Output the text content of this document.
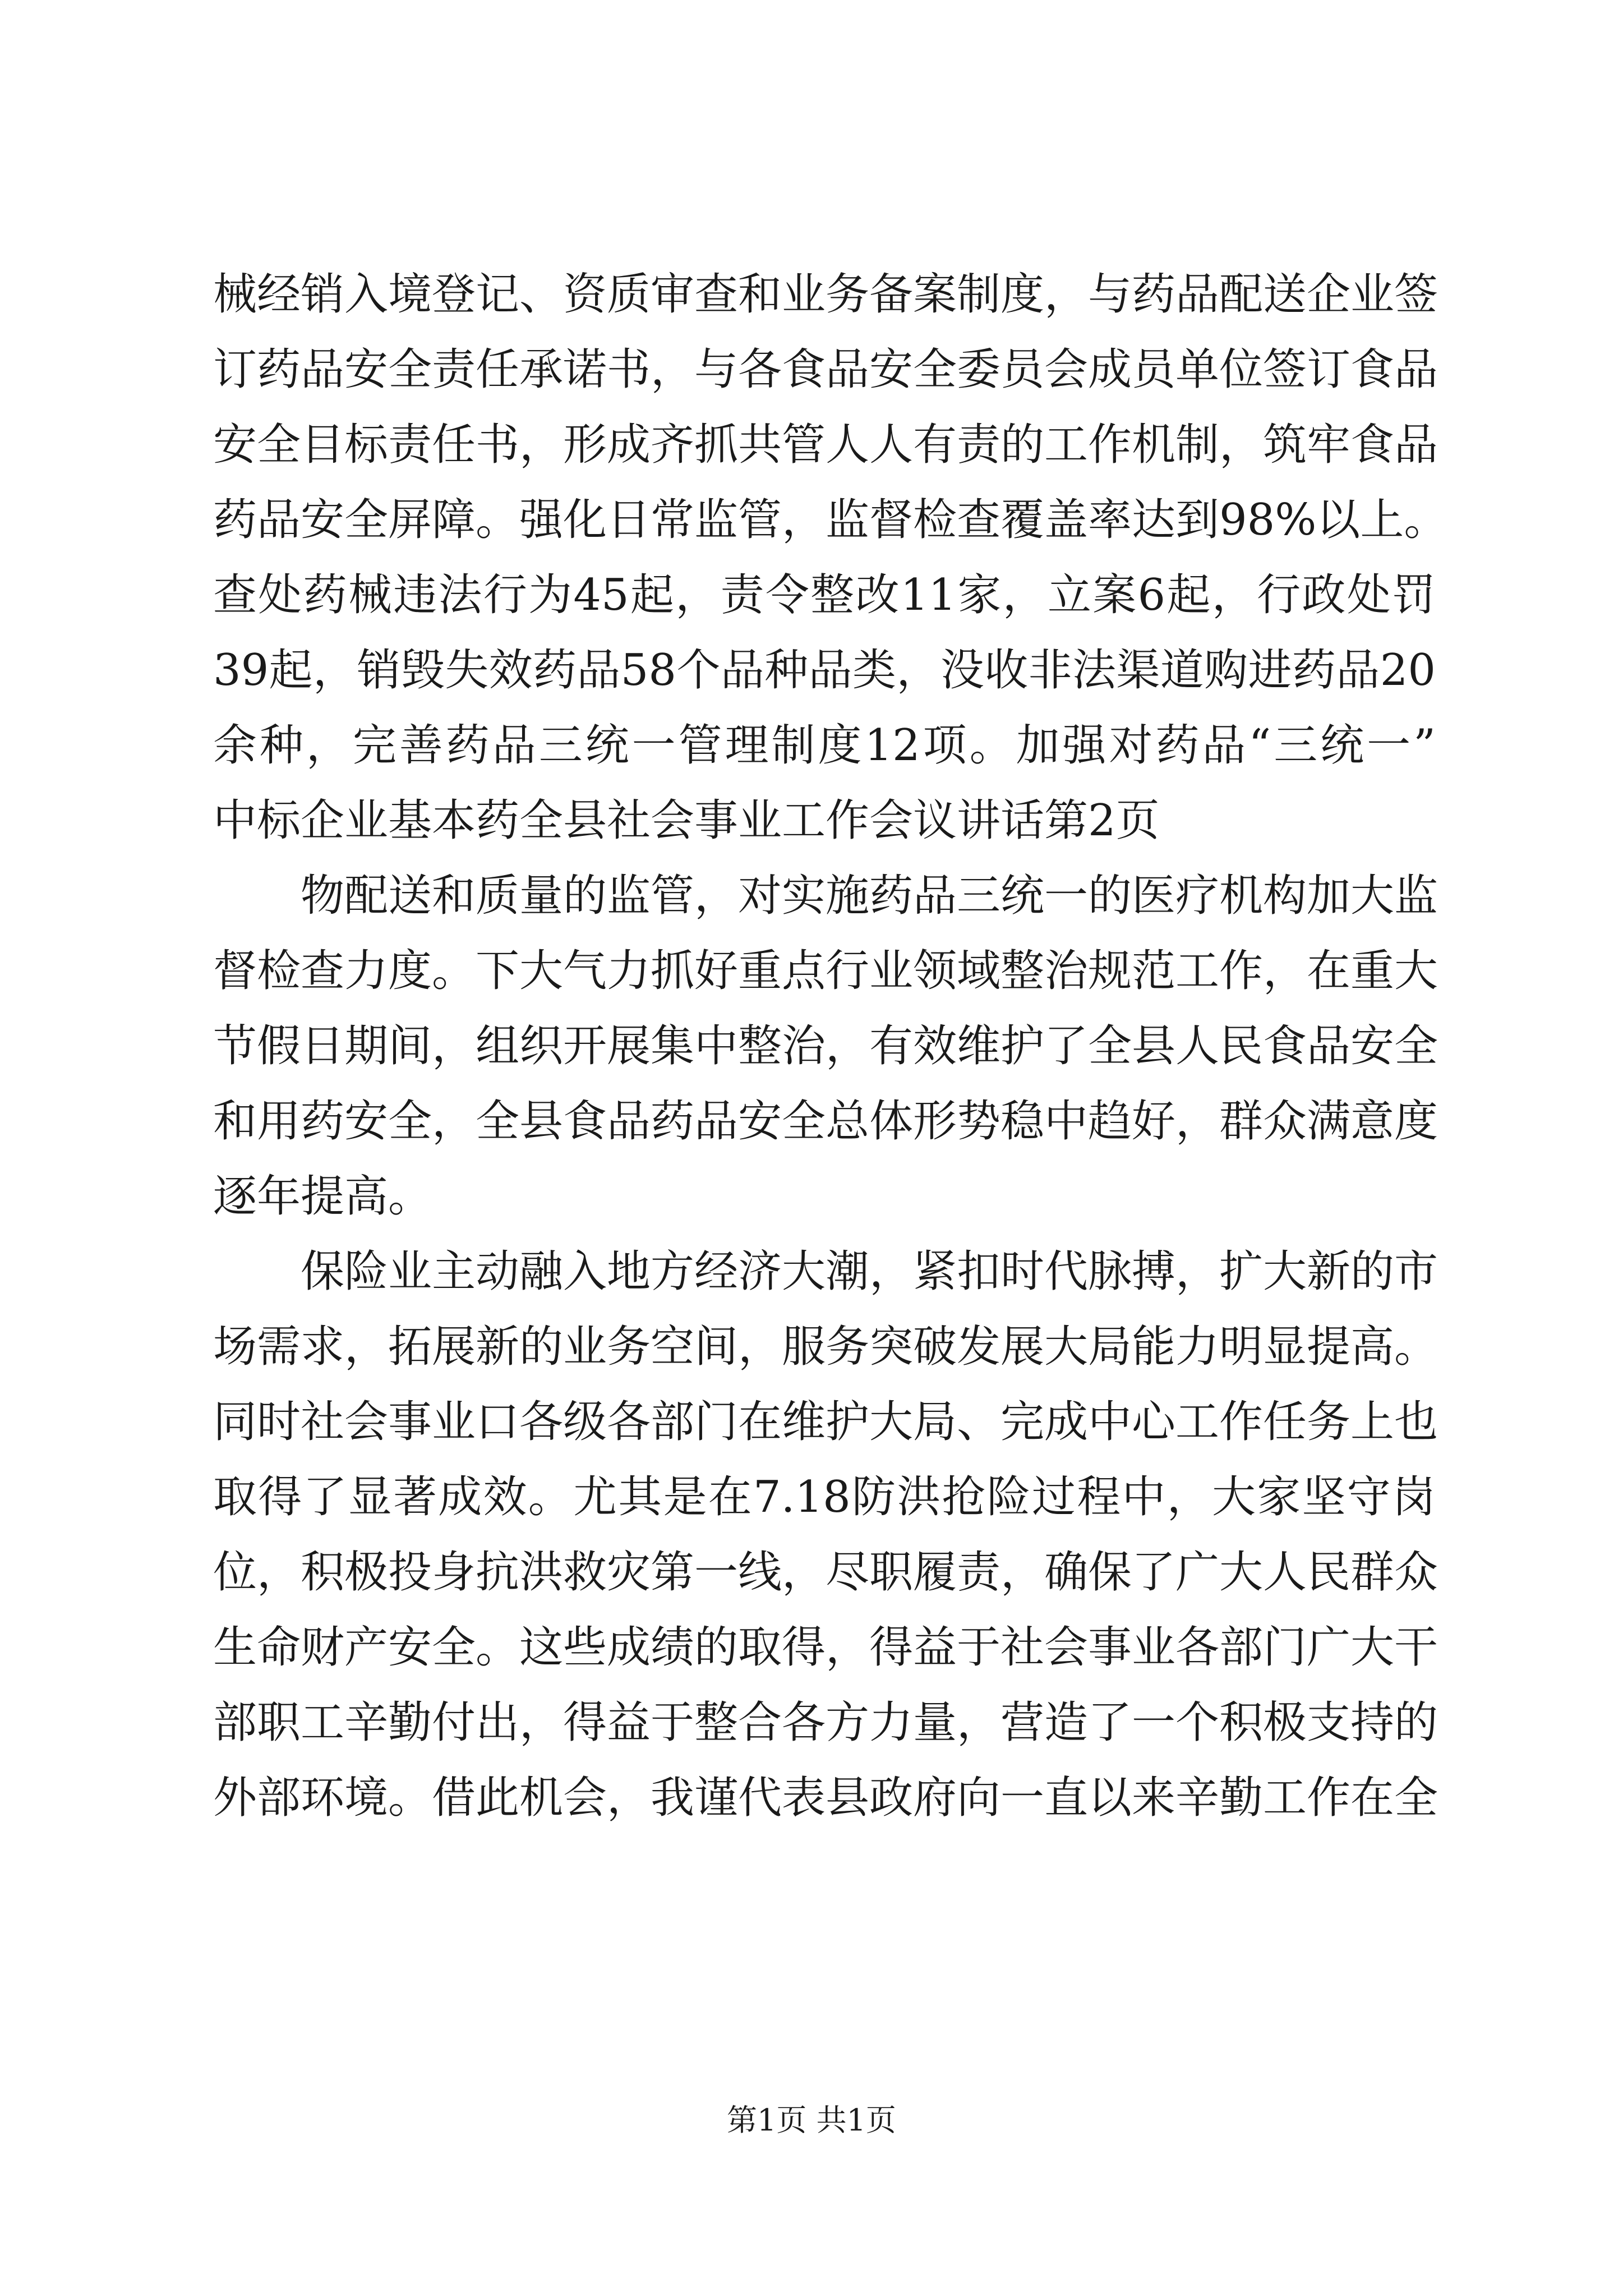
械经销入境登记、资质审查和业务备案制度，与药品配送企业签
订药品安全责任承诺书，与各食品安全委员会成员单位签订食品
安全目标责任书，形成齐抓共管人人有责的工作机制，筑牢食品
药品安全屏障。强化日常监管，监督检查覆盖率达到98%以上。
查处药械违法行为45起，责令整改11家，立案6起，行政处罚
39起，销毁失效药品58个品种品类，没收非法渠道购进药品20
余种，完善药品三统一管理制度12项。加强对药品“三统一”
中标企业基本药全县社会事业工作会议讲话第2页
物配送和质量的监管，对实施药品三统一的医疗机构加大监
督检查力度。下大气力抓好重点行业领域整治规范工作，在重大
节假日期间，组织开展集中整治，有效维护了全县人民食品安全
和用药安全，全县食品药品安全总体形势稳中趋好，群众满意度
逐年提高。
保险业主动融入地方经济大潮，紧扣时代脉搏，扩大新的市
场需求，拓展新的业务空间，服务突破发展大局能力明显提高。
同时社会事业口各级各部门在维护大局、完成中心工作任务上也
取得了显著成效。尤其是在7.18防洪抢险过程中，大家坚守岗
位，积极投身抗洪救灾第一线，尽职履责，确保了广大人民群众
生命财产安全。这些成绩的取得，得益于社会事业各部门广大干
部职工辛勤付出，得益于整合各方力量，营造了一个积极支持的
外部环境。借此机会，我谨代表县政府向一直以来辛勤工作在全
第1页 共1页
